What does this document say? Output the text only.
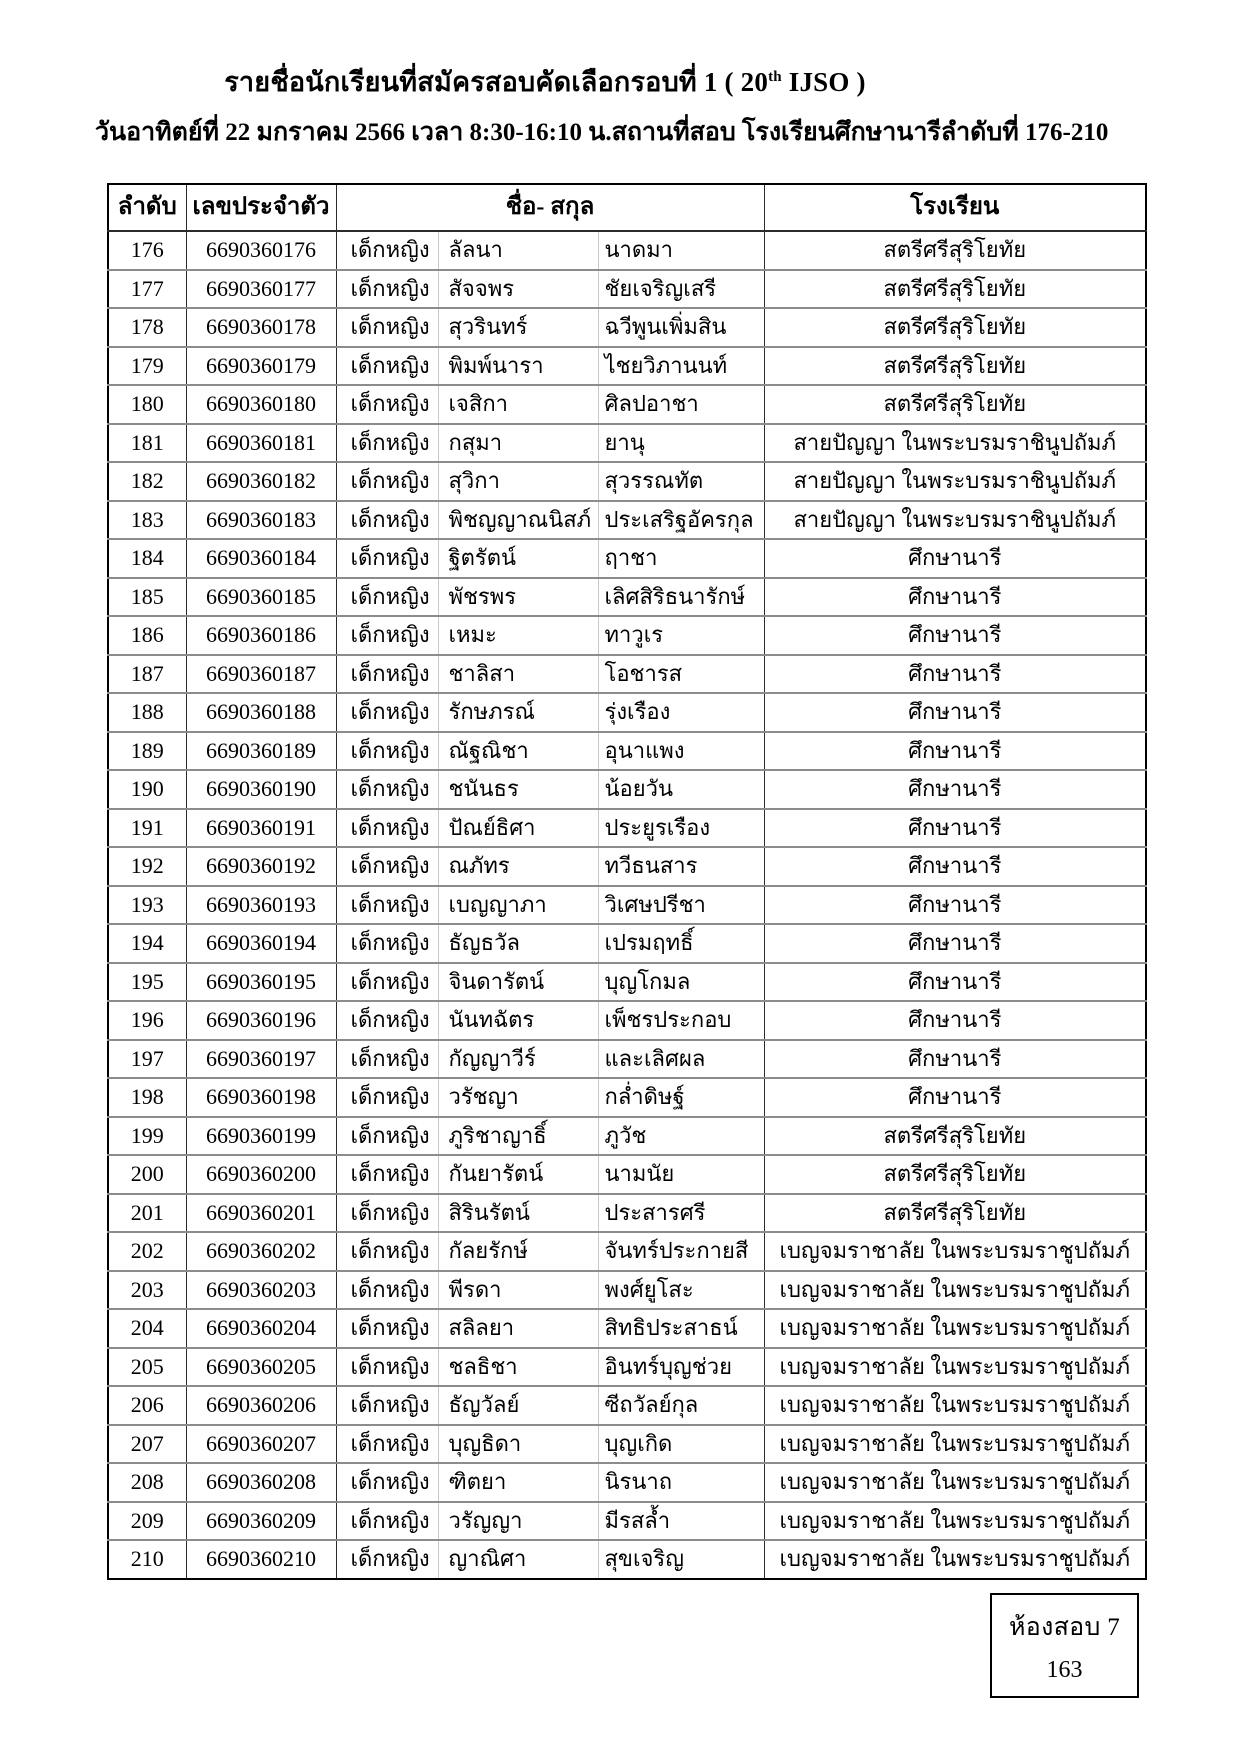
รายชื่อนักเรียนที่สมัครสอบคัดเลือกรอบที่ 1 ( 20th IJSO )
วันอาทิตย์ที่ 22 มกราคม 2566 เวลา 8:30-16:10 น. สถานที่สอบ โรงเรียนศึกษานารี ลำดับที่ 176-210
ลำดับ	เลขประจำตัว	ชื่อ- สกุล			โรงเรียน
176	6690360176	เด็กหญิง	ลัลนา	นาดมา	สตรีศรีสุริโยทัย
177	6690360177	เด็กหญิง	สัจจพร	ชัยเจริญเสรี	สตรีศรีสุริโยทัย
178	6690360178	เด็กหญิง	สุวรินทร์	ฉวีพูนเพิ่มสิน	สตรีศรีสุริโยทัย
179	6690360179	เด็กหญิง	พิมพ์นารา	ไชยวิภานนท์	สตรีศรีสุริโยทัย
180	6690360180	เด็กหญิง	เจสิกา	ศิลปอาชา	สตรีศรีสุริโยทัย
181	6690360181	เด็กหญิง	กสุมา	ยานุ	สายปัญญา ในพระบรมราชินูปถัมภ์
182	6690360182	เด็กหญิง	สุวิกา	สุวรรณทัต	สายปัญญา ในพระบรมราชินูปถัมภ์
183	6690360183	เด็กหญิง	พิชญญาณนิสภ์	ประเสริฐอัครกุล	สายปัญญา ในพระบรมราชินูปถัมภ์
184	6690360184	เด็กหญิง	ฐิตรัตน์	ฤาชา	ศึกษานารี
185	6690360185	เด็กหญิง	พัชรพร	เลิศสิริธนารักษ์	ศึกษานารี
186	6690360186	เด็กหญิง	เหมะ	ทาวูเร	ศึกษานารี
187	6690360187	เด็กหญิง	ชาลิสา	โอชารส	ศึกษานารี
188	6690360188	เด็กหญิง	รักษภรณ์	รุ่งเรือง	ศึกษานารี
189	6690360189	เด็กหญิง	ณัฐณิชา	อุนาแพง	ศึกษานารี
190	6690360190	เด็กหญิง	ชนันธร	น้อยวัน	ศึกษานารี
191	6690360191	เด็กหญิง	ปัณย์ธิศา	ประยูรเรือง	ศึกษานารี
192	6690360192	เด็กหญิง	ณภัทร	ทวีธนสาร	ศึกษานารี
193	6690360193	เด็กหญิง	เบญญาภา	วิเศษปรีชา	ศึกษานารี
194	6690360194	เด็กหญิง	ธัญธวัล	เปรมฤทธิ์	ศึกษานารี
195	6690360195	เด็กหญิง	จินดารัตน์	บุญโกมล	ศึกษานารี
196	6690360196	เด็กหญิง	นันทฉัตร	เพ็ชรประกอบ	ศึกษานารี
197	6690360197	เด็กหญิง	กัญญาวีร์	และเลิศผล	ศึกษานารี
198	6690360198	เด็กหญิง	วรัชญา	กล่ำดิษฐ์	ศึกษานารี
199	6690360199	เด็กหญิง	ภูริชาญาธิ์	ภูวัช	สตรีศรีสุริโยทัย
200	6690360200	เด็กหญิง	กันยารัตน์	นามนัย	สตรีศรีสุริโยทัย
201	6690360201	เด็กหญิง	สิรินรัตน์	ประสารศรี	สตรีศรีสุริโยทัย
202	6690360202	เด็กหญิง	กัลยรักษ์	จันทร์ประกายสี	เบญจมราชาลัย ในพระบรมราชูปถัมภ์
203	6690360203	เด็กหญิง	พีรดา	พงศ์ยูโสะ	เบญจมราชาลัย ในพระบรมราชูปถัมภ์
204	6690360204	เด็กหญิง	สลิลยา	สิทธิประสาธน์	เบญจมราชาลัย ในพระบรมราชูปถัมภ์
205	6690360205	เด็กหญิง	ชลธิชา	อินทร์บุญช่วย	เบญจมราชาลัย ในพระบรมราชูปถัมภ์
206	6690360206	เด็กหญิง	ธัญวัลย์	ซีถวัลย์กุล	เบญจมราชาลัย ในพระบรมราชูปถัมภ์
207	6690360207	เด็กหญิง	บุญธิดา	บุญเกิด	เบญจมราชาลัย ในพระบรมราชูปถัมภ์
208	6690360208	เด็กหญิง	ฑิตยา	นิรนาถ	เบญจมราชาลัย ในพระบรมราชูปถัมภ์
209	6690360209	เด็กหญิง	วรัญญา	มีรสล้ำ	เบญจมราชาลัย ในพระบรมราชูปถัมภ์
210	6690360210	เด็กหญิง	ญาณิศา	สุขเจริญ	เบญจมราชาลัย ในพระบรมราชูปถัมภ์
ห้องสอบ 7
163
